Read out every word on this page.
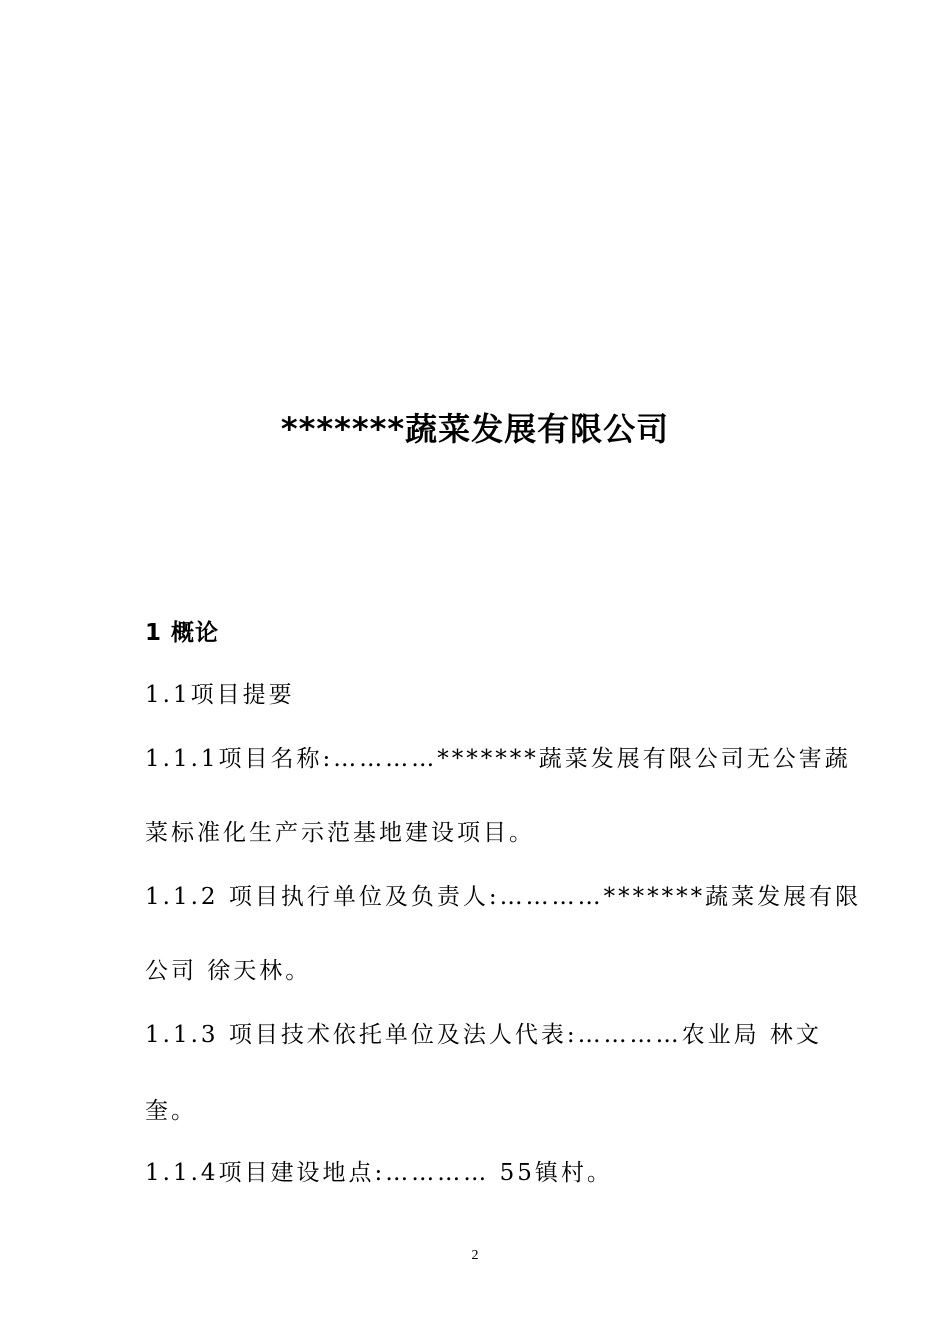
*******蔬菜发展有限公司
1 概论
1.1项目提要
1.1.1项目名称:…………*******蔬菜发展有限公司无公害蔬
菜标准化生产示范基地建设项目。
1.1.2 项目执行单位及负责人:…………*******蔬菜发展有限
公司 徐天林。
1.1.3 项目技术依托单位及法人代表:…………农业局 林文
奎。
1.1.4项目建设地点:………… 55镇村。
2
